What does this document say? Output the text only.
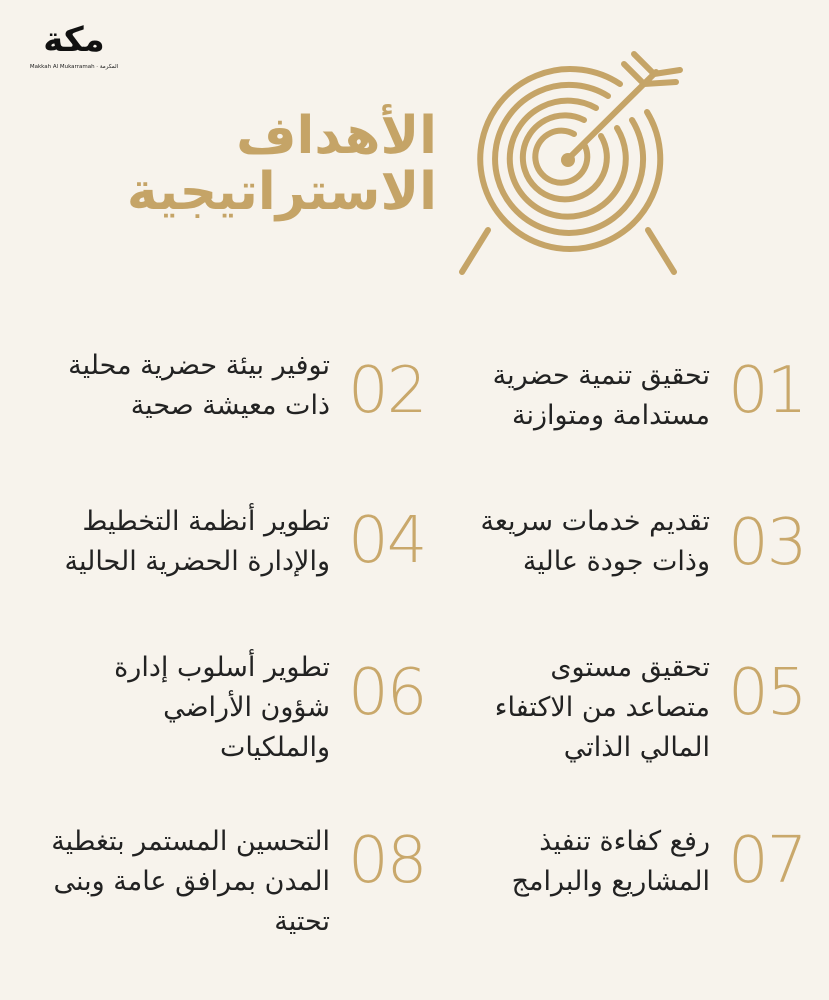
مكة
Makkah Al Mukarramah · المكرمة
الأهداف
الاستراتيجية
01
تحقيق تنمية حضرية
مستدامة ومتوازنة
02
توفير بيئة حضرية محلية
ذات معيشة صحية
03
تقديم خدمات سريعة
وذات جودة عالية
04
تطوير أنظمة التخطيط
والإدارة الحضرية الحالية
05
تحقيق مستوى
متصاعد من الاكتفاء
المالي الذاتي
06
تطوير أسلوب إدارة
شؤون الأراضي
والملكيات
07
رفع كفاءة تنفيذ
المشاريع والبرامج
08
التحسين المستمر بتغطية
المدن بمرافق عامة وبنى
تحتية
